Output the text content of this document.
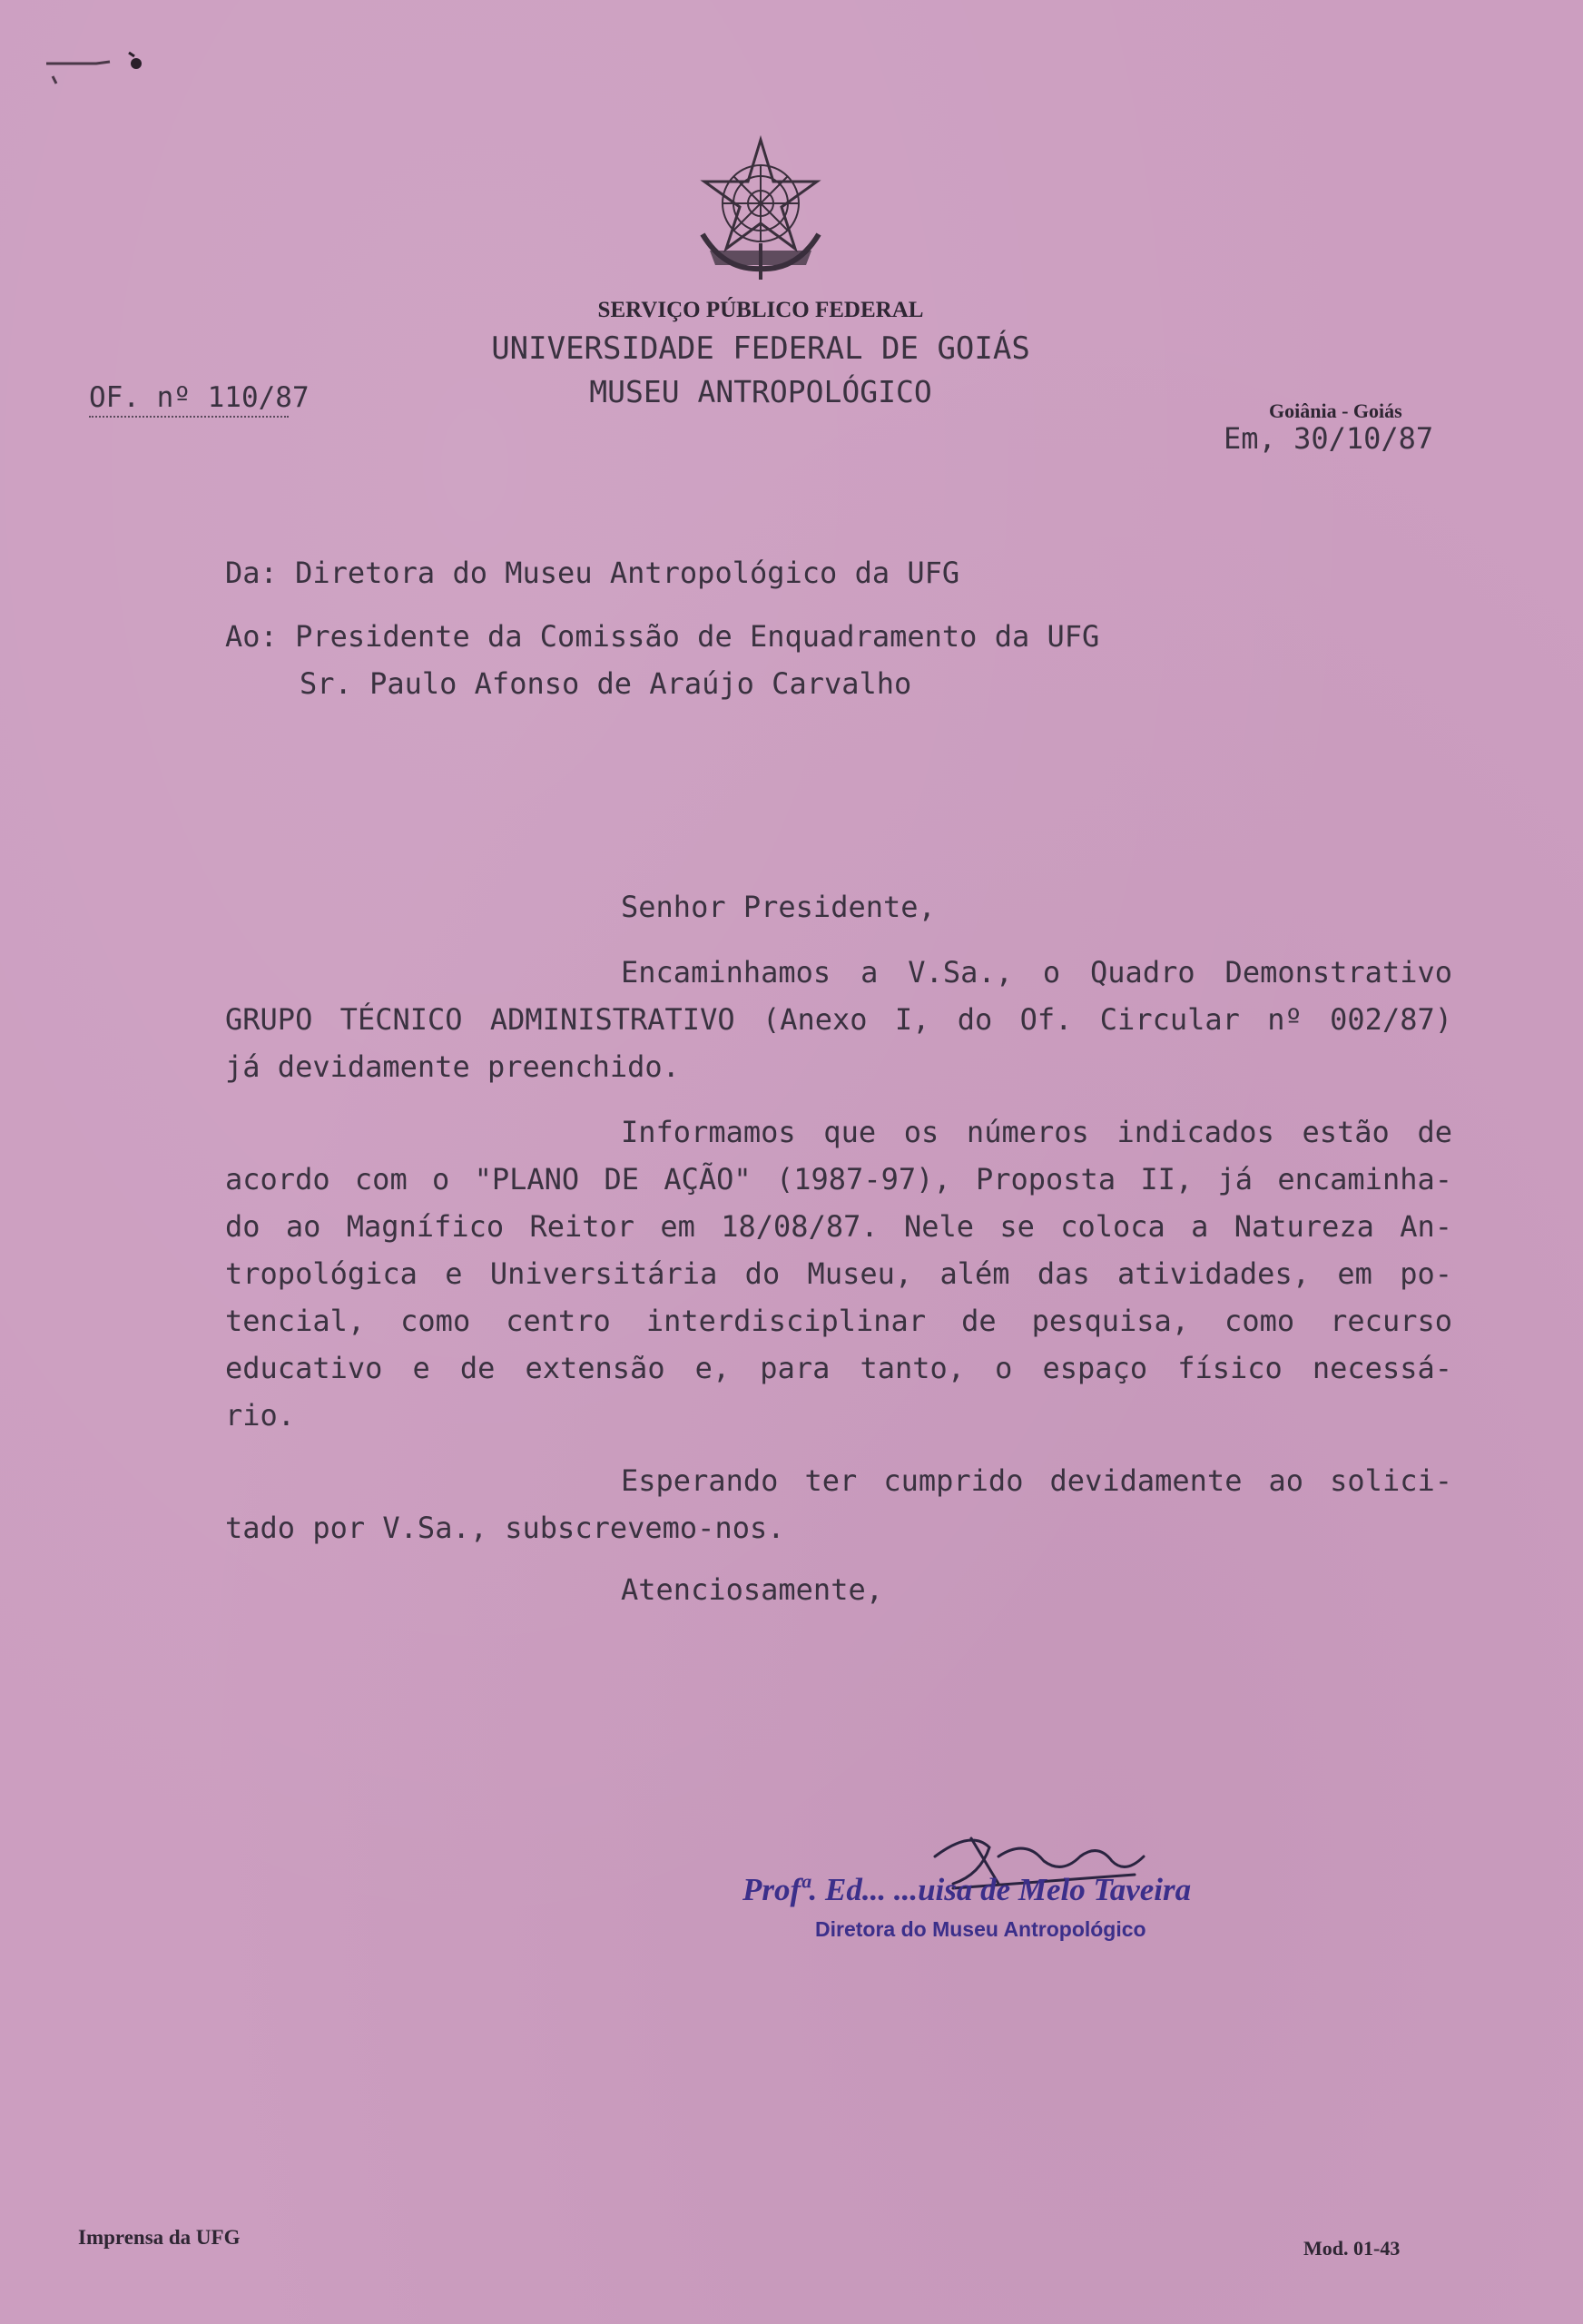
SERVIÇO PÚBLICO FEDERAL
UNIVERSIDADE FEDERAL DE GOIÁS
MUSEU ANTROPOLÓGICO
OF. nº 110/87	Goiânia - Goiás
Em, 30/10/87
Da: Diretora do Museu Antropológico da UFG
Ao: Presidente da Comissão de Enquadramento da UFG
Sr. Paulo Afonso de Araújo Carvalho
Senhor Presidente,
Encaminhamos a V.Sa., o Quadro Demonstrativo
GRUPO TÉCNICO ADMINISTRATIVO (Anexo I, do Of. Circular nº 002/87)
já devidamente preenchido.
Informamos que os números indicados estão de
acordo com o "PLANO DE AÇÃO" (1987-97), Proposta II, já encaminha-
do ao Magnífico Reitor em 18/08/87. Nele se coloca a Natureza An-
tropológica e Universitária do Museu, além das atividades, em po-
tencial, como centro interdisciplinar de pesquisa, como recurso
educativo e de extensão e, para tanto, o espaço físico necessá-
rio.
Esperando ter cumprido devidamente ao solici-
tado por V.Sa., subscrevemo-nos.
Atenciosamente,
Profª. Ed... ...uisa de Melo Taveira
Diretora do Museu Antropológico
Imprensa da UFG	Mod. 01-43
